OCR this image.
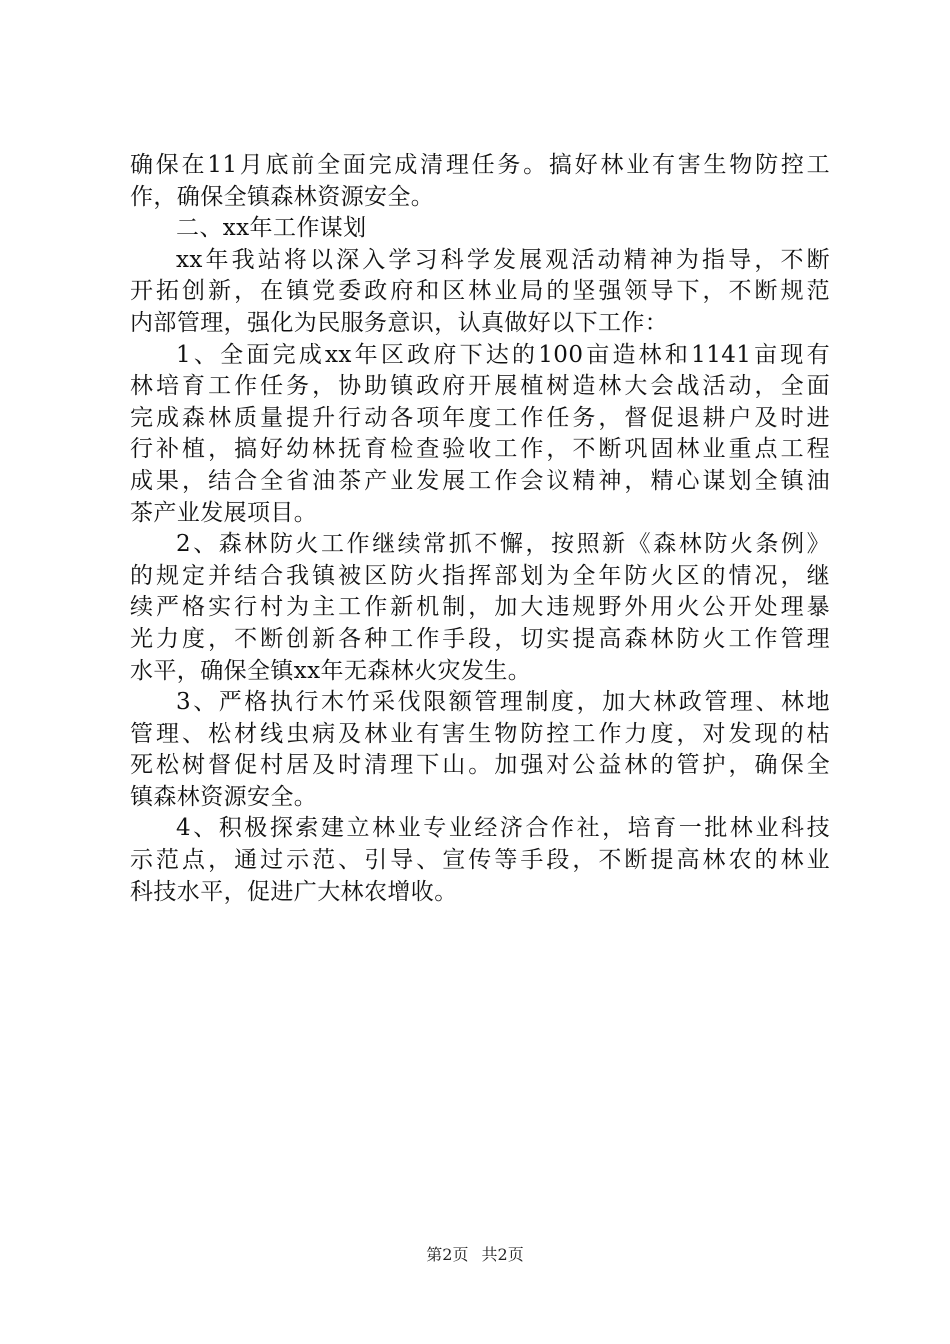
确保在11月底前全面完成清理任务。搞好林业有害生物防控工
作，确保全镇森林资源安全。
二、xx年工作谋划
xx年我站将以深入学习科学发展观活动精神为指导，不断
开拓创新，在镇党委政府和区林业局的坚强领导下，不断规范
内部管理，强化为民服务意识，认真做好以下工作：
1、全面完成xx年区政府下达的100亩造林和1141亩现有
林培育工作任务，协助镇政府开展植树造林大会战活动，全面
完成森林质量提升行动各项年度工作任务，督促退耕户及时进
行补植，搞好幼林抚育检查验收工作，不断巩固林业重点工程
成果，结合全省油茶产业发展工作会议精神，精心谋划全镇油
茶产业发展项目。
2、森林防火工作继续常抓不懈，按照新《森林防火条例》
的规定并结合我镇被区防火指挥部划为全年防火区的情况，继
续严格实行村为主工作新机制，加大违规野外用火公开处理暴
光力度，不断创新各种工作手段，切实提高森林防火工作管理
水平，确保全镇xx年无森林火灾发生。
3、严格执行木竹采伐限额管理制度，加大林政管理、林地
管理、松材线虫病及林业有害生物防控工作力度，对发现的枯
死松树督促村居及时清理下山。加强对公益林的管护，确保全
镇森林资源安全。
4、积极探索建立林业专业经济合作社，培育一批林业科技
示范点，通过示范、引导、宣传等手段，不断提高林农的林业
科技水平，促进广大林农增收。
第2页 共2页
